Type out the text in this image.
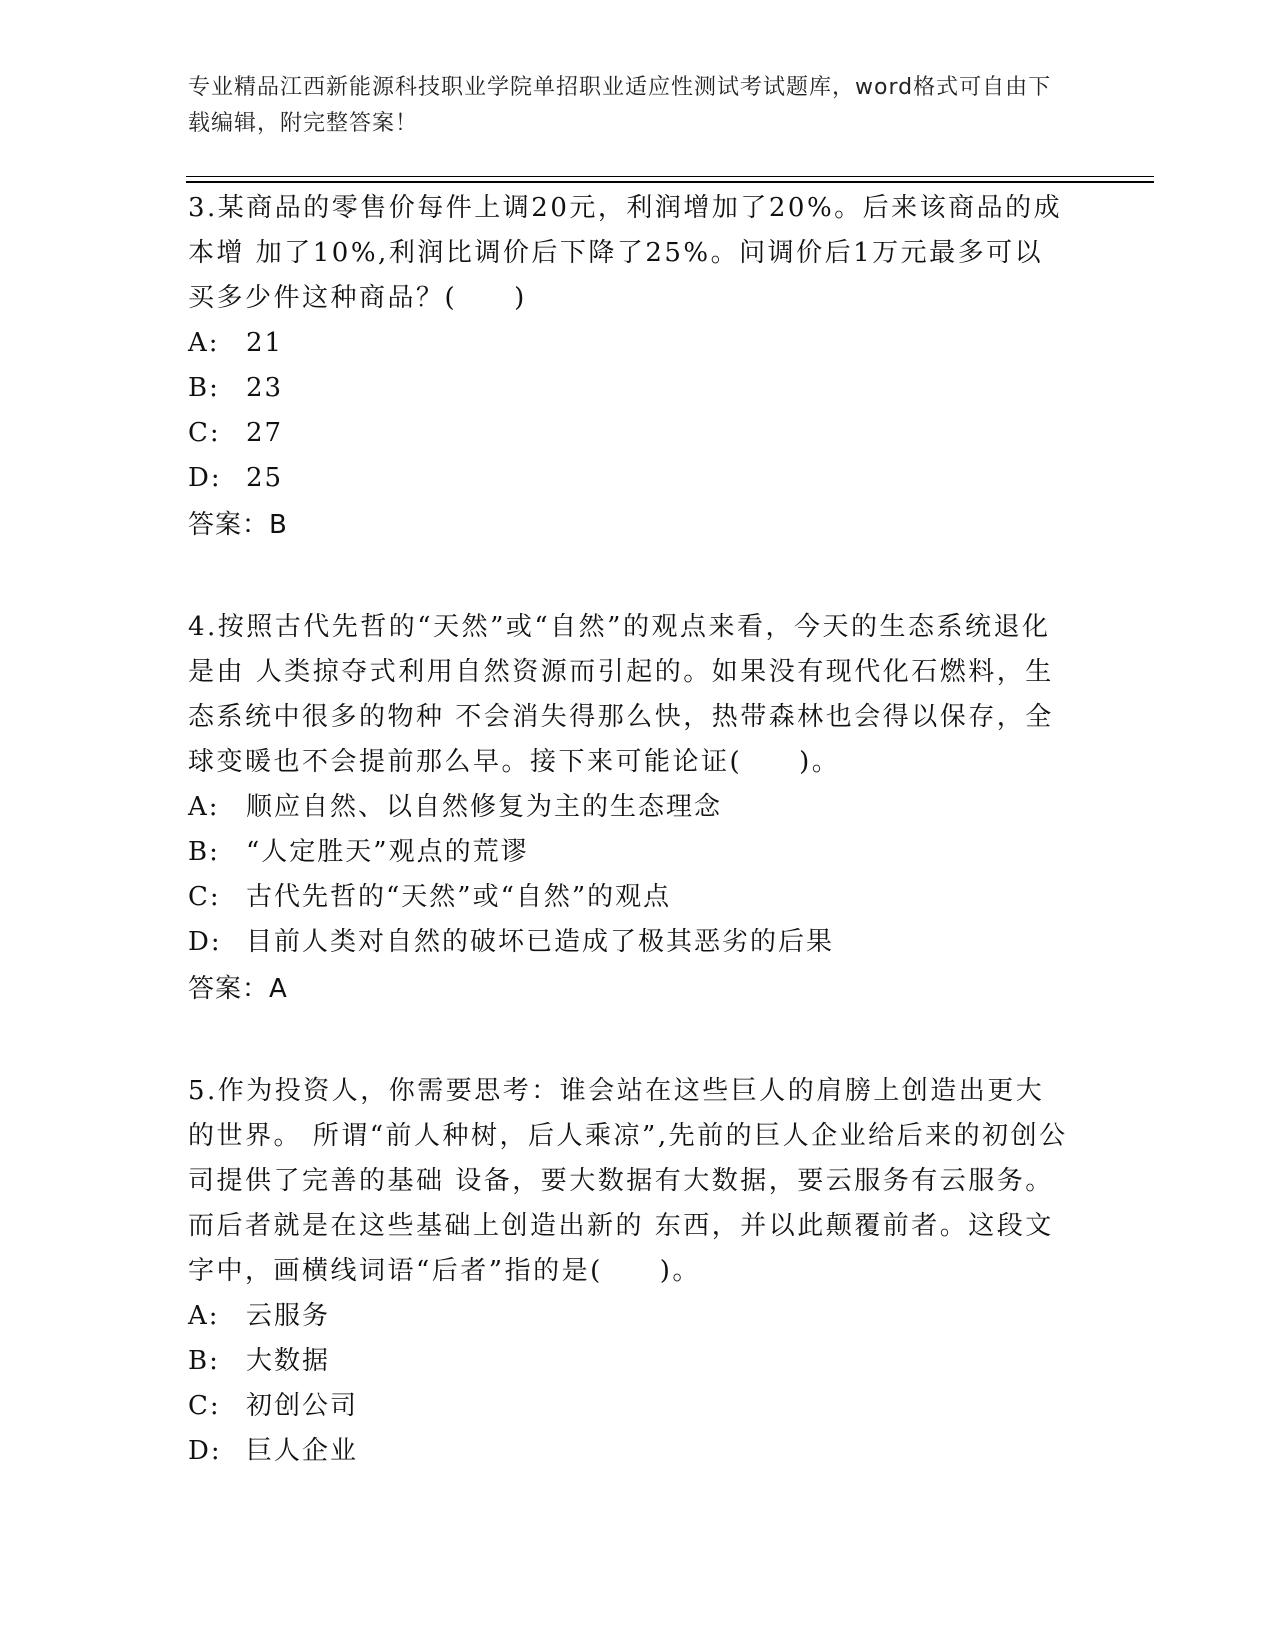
专业精品江西新能源科技职业学院单招职业适应性测试考试题库，word格式可自由下载编辑，附完整答案！

3.某商品的零售价每件上调20元，利润增加了20%。后来该商品的成本增 加了10%,利润比调价后下降了25%。问调价后1万元最多可以买多少件这种商品？(　　)

A: 21
B: 23
C: 27
D: 25
答案：B

4.按照古代先哲的“天然”或“自然”的观点来看，今天的生态系统退化是由 人类掠夺式利用自然资源而引起的。如果没有现代化石燃料，生态系统中很多的物种 不会消失得那么快，热带森林也会得以保存，全球变暖也不会提前那么早。接下来可能论证(　　)。

A: 顺应自然、以自然修复为主的生态理念
B: “人定胜天”观点的荒谬
C: 古代先哲的“天然”或“自然”的观点
D: 目前人类对自然的破坏已造成了极其恶劣的后果
答案：A

5.作为投资人，你需要思考：谁会站在这些巨人的肩膀上创造出更大的世界。 所谓“前人种树，后人乘凉”,先前的巨人企业给后来的初创公司提供了完善的基础 设备，要大数据有大数据，要云服务有云服务。而后者就是在这些基础上创造出新的 东西，并以此颠覆前者。这段文字中，画横线词语“后者”指的是(　　)。

A: 云服务
B: 大数据
C: 初创公司
D: 巨人企业
